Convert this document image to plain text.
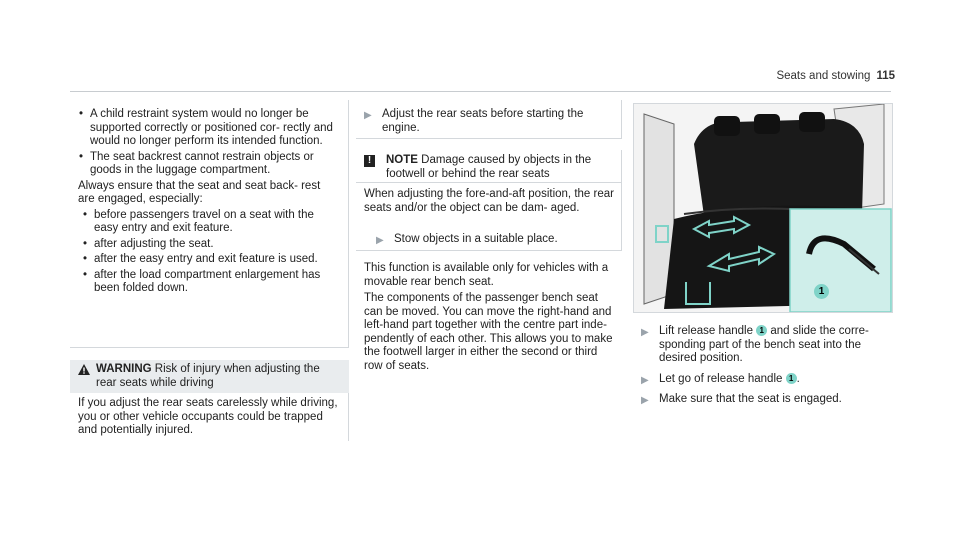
Seats and stowing 115
• A child restraint system would no longer be supported correctly or positioned cor- rectly and would no longer perform its intended function.
• The seat backrest cannot restrain objects or goods in the luggage compartment.
Always ensure that the seat and seat back- rest are engaged, especially:
• before passengers travel on a seat with the easy entry and exit feature.
• after adjusting the seat.
• after the easy entry and exit feature is used.
• after the load compartment enlargement has been folded down.
WARNING Risk of injury when adjusting the rear seats while driving
If you adjust the rear seats carelessly while driving, you or other vehicle occupants could be trapped and potentially injured.
▶ Adjust the rear seats before starting the engine.
!	NOTE Damage caused by objects in the footwell or behind the rear seats
When adjusting the fore-and-aft position, the rear seats and/or the object can be dam- aged.
▶ Stow objects in a suitable place.
This function is available only for vehicles with a movable rear bench seat.
The components of the passenger bench seat can be moved. You can move the right-hand and left-hand part together with the centre part inde- pendently of each other. This allows you to make the footwell larger in either the second or third row of seats.
1
▶ Lift release handle 1 and slide the corre- sponding part of the bench seat into the desired position.
▶ Let go of release handle 1 .
▶ Make sure that the seat is engaged.
